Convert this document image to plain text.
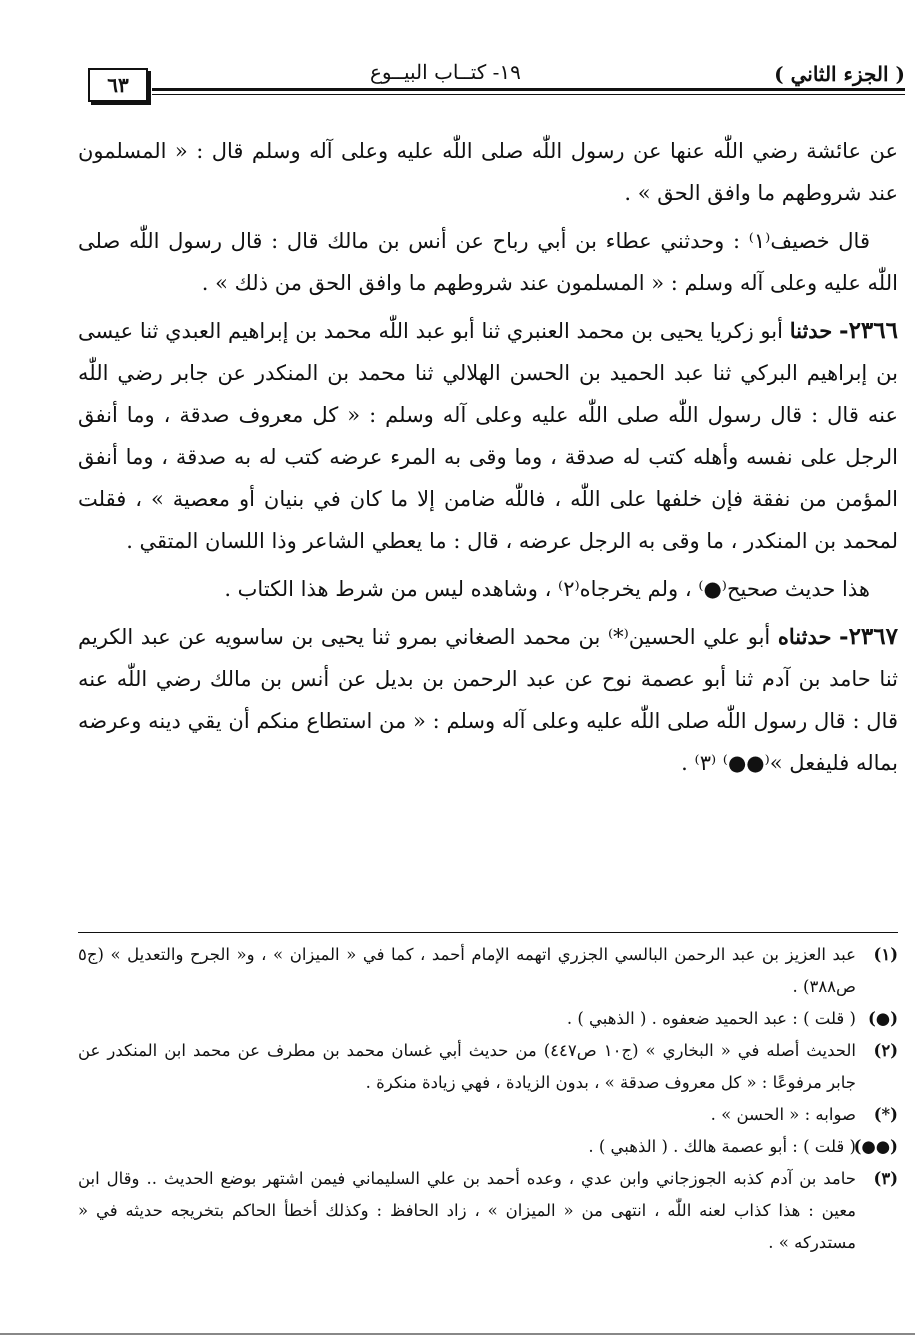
٦٣
١٩- كتــاب البيــوع	( الجزء الثاني )

عن عائشة رضي اللّٰه عنها عن رسول اللّٰه صلى اللّٰه عليه وعلى آله وسلم قال : « المسلمون عند شروطهم ما وافق الحق » .

قال خصيف⁽١⁾ : وحدثني عطاء بن أبي رباح عن أنس بن مالك قال : قال رسول اللّٰه صلى اللّٰه عليه وعلى آله وسلم : « المسلمون عند شروطهم ما وافق الحق من ذلك » .

٢٣٦٦- حدثنا أبو زكريا يحيى بن محمد العنبري ثنا أبو عبد اللّٰه محمد بن إبراهيم العبدي ثنا عيسى بن إبراهيم البركي ثنا عبد الحميد بن الحسن الهلالي ثنا محمد بن المنكدر عن جابر رضي اللّٰه عنه قال : قال رسول اللّٰه صلى اللّٰه عليه وعلى آله وسلم : « كل معروف صدقة ، وما أنفق الرجل على نفسه وأهله كتب له صدقة ، وما وقى به المرء عرضه كتب له به صدقة ، وما أنفق المؤمن من نفقة فإن خلفها على اللّٰه ، فاللّٰه ضامن إلا ما كان في بنيان أو معصية » ، فقلت لمحمد بن المنكدر ، ما وقى به الرجل عرضه ، قال : ما يعطي الشاعر وذا اللسان المتقي .

هذا حديث صحيح⁽●⁾ ، ولم يخرجاه⁽٢⁾ ، وشاهده ليس من شرط هذا الكتاب .

٢٣٦٧- حدثناه أبو علي الحسين⁽*⁾ بن محمد الصغاني بمرو ثنا يحيى بن ساسويه عن عبد الكريم ثنا حامد بن آدم ثنا أبو عصمة نوح عن عبد الرحمن بن بديل عن أنس بن مالك رضي اللّٰه عنه قال : قال رسول اللّٰه صلى اللّٰه عليه وعلى آله وسلم : « من استطاع منكم أن يقي دينه وعرضه بماله فليفعل »⁽●●⁾ ⁽٣⁾ .

(١)
عبد العزيز بن عبد الرحمن البالسي الجزري اتهمه الإمام أحمد ، كما في « الميزان » ، و« الجرح والتعديل » (ج٥ ص٣٨٨) .
(●)
( قلت ) : عبد الحميد ضعفوه . ( الذهبي ) .
(٢)
الحديث أصله في « البخاري » (ج١٠ ص٤٤٧) من حديث أبي غسان محمد بن مطرف عن محمد ابن المنكدر عن جابر مرفوعًا : « كل معروف صدقة » ، بدون الزيادة ، فهي زيادة منكرة .
(*)
صوابه : « الحسن » .
(●●)
( قلت ) : أبو عصمة هالك . ( الذهبي ) .
(٣)
حامد بن آدم كذبه الجوزجاني وابن عدي ، وعده أحمد بن علي السليماني فيمن اشتهر بوضع الحديث .. وقال ابن معين : هذا كذاب لعنه اللّٰه ، انتهى من « الميزان » ، زاد الحافظ : وكذلك أخطأ الحاكم بتخريجه حديثه في « مستدركه » .
